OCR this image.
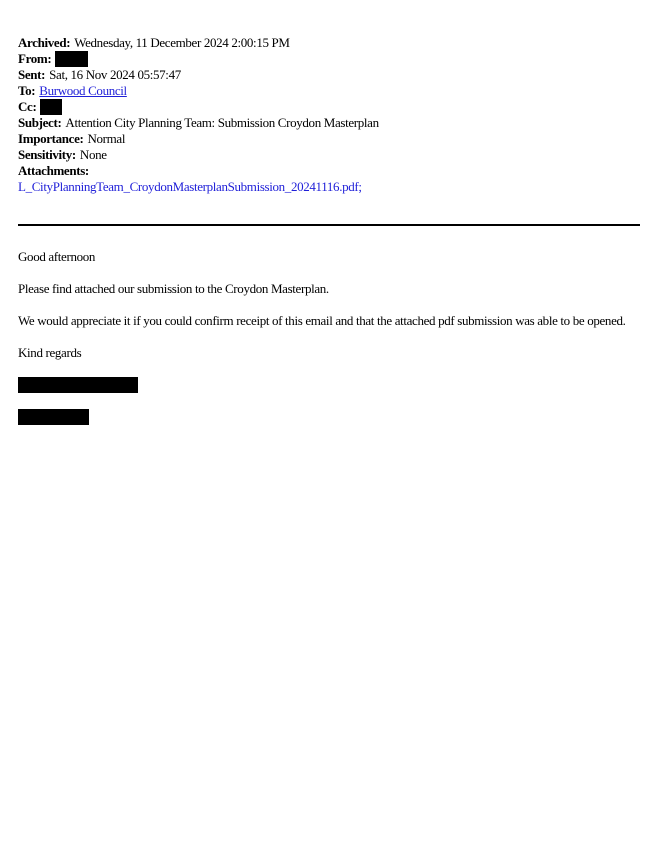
Archived: Wednesday, 11 December 2024 2:00:15 PM
From:
Sent: Sat, 16 Nov 2024 05:57:47
To: Burwood Council
Cc:
Subject: Attention City Planning Team: Submission Croydon Masterplan
Importance: Normal
Sensitivity: None
Attachments:
L_CityPlanningTeam_CroydonMasterplanSubmission_20241116.pdf ;
Good afternoon
Please find attached our submission to the Croydon Masterplan.
We would appreciate it if you could confirm receipt of this email and that the attached pdf submission was able to be opened.
Kind regards
